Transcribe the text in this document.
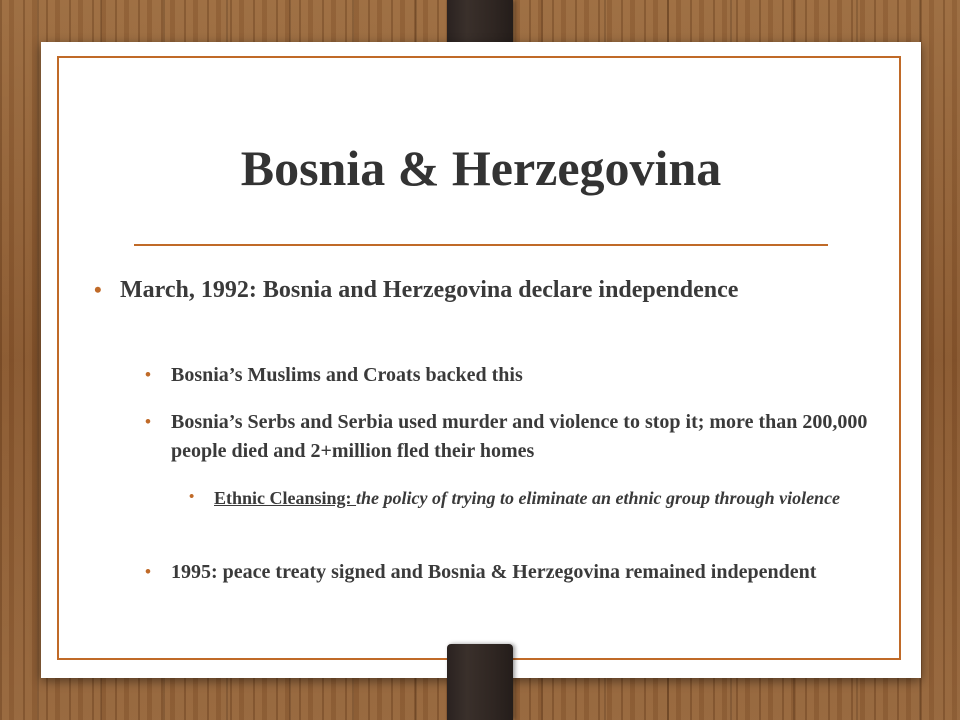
Bosnia & Herzegovina
• March, 1992: Bosnia and Herzegovina declare independence
• Bosnia’s Muslims and Croats backed this
• Bosnia’s Serbs and Serbia used murder and violence to stop it; more than 200,000 people died and 2+million fled their homes
• Ethnic Cleansing: the policy of trying to eliminate an ethnic group through violence
• 1995: peace treaty signed and Bosnia & Herzegovina remained independent
